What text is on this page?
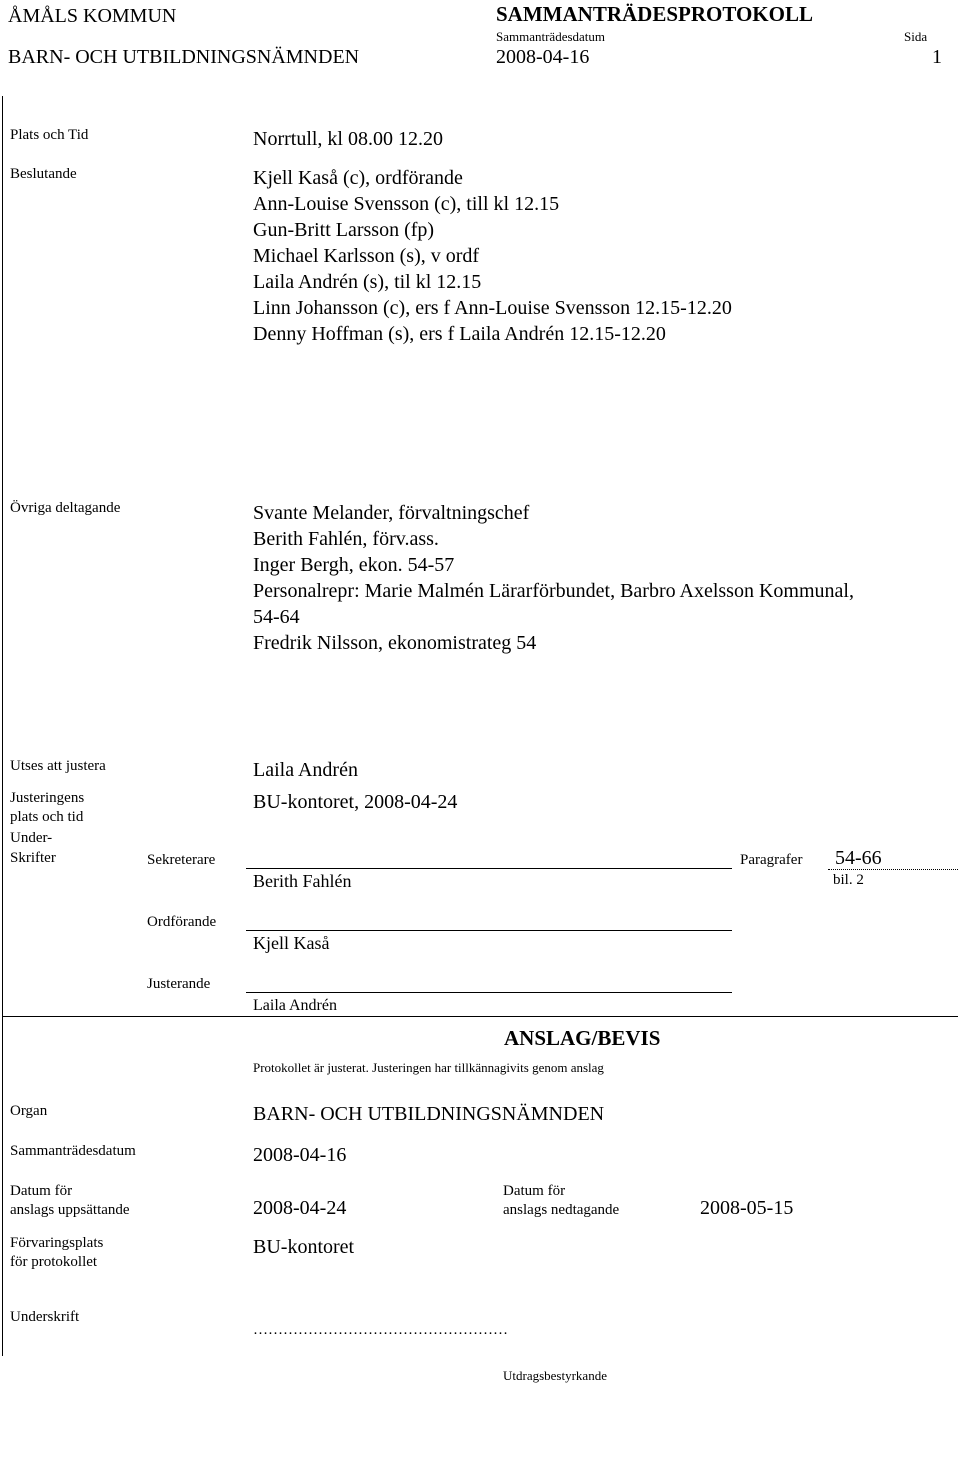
ÅMÅLS KOMMUN
BARN- OCH UTBILDNINGSNÄMNDEN
SAMMANTRÄDESPROTOKOLL
Sammanträdesdatum
2008-04-16
Sida
1
Plats och Tid	Norrtull, kl 08.00 12.20
Beslutande	Kjell Kaså (c), ordförande
Ann-Louise Svensson (c), till kl 12.15
Gun-Britt Larsson (fp)
Michael Karlsson (s), v ordf
Laila Andrén (s), til kl 12.15
Linn Johansson (c), ers f Ann-Louise Svensson 12.15-12.20
Denny Hoffman (s), ers f Laila Andrén 12.15-12.20
Övriga deltagande	Svante Melander, förvaltningschef
Berith Fahlén, förv.ass.
Inger Bergh, ekon. 54-57
Personalrepr: Marie Malmén Lärarförbundet, Barbro Axelsson Kommunal,
54-64
Fredrik Nilsson, ekonomistrateg 54
Utses att justera	Laila Andrén
Justeringens
plats och tid
BU-kontoret, 2008-04-24
Under-
Skrifter	Sekreterare
Berith Fahlén
Paragrafer 54-66
bil. 2
Ordförande
Kjell Kaså
Justerande
Laila Andrén
ANSLAG/BEVIS
Protokollet är justerat. Justeringen har tillkännagivits genom anslag
Organ	BARN- OCH UTBILDNINGSNÄMNDEN
Sammanträdesdatum	2008-04-16
Datum för
anslags uppsättande	2008-04-24
Datum för
anslags nedtagande	2008-05-15
Förvaringsplats
för protokollet
BU-kontoret
Underskrift
……………………………………………
Utdragsbestyrkande
